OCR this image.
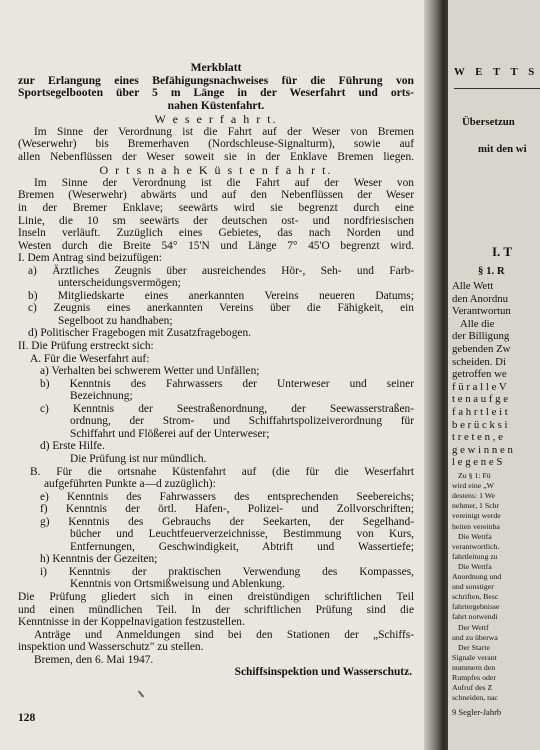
Merkblatt
zur Erlangung eines Befähigungsnachweises für die Führung von
Sportsegelbooten über 5 m Länge in der Weserfahrt und orts-
nahen Küstenfahrt.
W e s e r f a h r t.
Im Sinne der Verordnung ist die Fahrt auf der Weser von Bremen
(Weserwehr) bis Bremerhaven (Nordschleuse-Signalturm), sowie auf
allen Nebenflüssen der Weser soweit sie in der Enklave Bremen liegen.
O r t s n a h e K ü s t e n f a h r t.
Im Sinne der Verordnung ist die Fahrt auf der Weser von
Bremen (Weserwehr) abwärts und auf den Nebenflüssen der Weser
in der Bremer Enklave; seewärts wird sie begrenzt durch eine
Linie, die 10 sm seewärts der deutschen ost- und nordfriesischen
Inseln verläuft. Zuzüglich eines Gebietes, das nach Norden und
Westen durch die Breite 54° 15'N und Länge 7° 45'O begrenzt wird.
I. Dem Antrag sind beizufügen:
a) Ärztliches Zeugnis über ausreichendes Hör-, Seh- und Farb-
unterscheidungsvermögen;
b) Mitgliedskarte eines anerkannten Vereins neueren Datums;
c) Zeugnis eines anerkannten Vereins über die Fähigkeit, ein
Segelboot zu handhaben;
d) Politischer Fragebogen mit Zusatzfragebogen.
II. Die Prüfung erstreckt sich:
A. Für die Weserfahrt auf:
a) Verhalten bei schwerem Wetter und Unfällen;
b) Kenntnis des Fahrwassers der Unterweser und seiner
Bezeichnung;
c) Kenntnis der Seestraßenordnung, der Seewasserstraßen-
ordnung, der Strom- und Schiffahrtspolizeiverordnung für
Schiffahrt und Flößerei auf der Unterweser;
d) Erste Hilfe.
Die Prüfung ist nur mündlich.
B. Für die ortsnahe Küstenfahrt auf (die für die Weserfahrt
aufgeführten Punkte a—d zuzüglich):
e) Kenntnis des Fahrwassers des entsprechenden Seebereichs;
f) Kenntnis der örtl. Hafen-, Polizei- und Zollvorschriften;
g) Kenntnis des Gebrauchs der Seekarten, der Segelhand-
bücher und Leuchtfeuerverzeichnisse, Bestimmung von Kurs,
Entfernungen, Geschwindigkeit, Abtrift und Wassertiefe;
h) Kenntnis der Gezeiten;
i) Kenntnis der praktischen Verwendung des Kompasses,
Kenntnis von Ortsmißweisung und Ablenkung.
Die Prüfung gliedert sich in einen dreistündigen schriftlichen Teil
und einen mündlichen Teil. In der schriftlichen Prüfung sind die
Kenntnisse in der Koppelnavigation festzustellen.
Anträge und Anmeldungen sind bei den Stationen der „Schiffs-
inspektion und Wasserschutz" zu stellen.
Bremen, den 6. Mai 1947.
Schiffsinspektion und Wasserschutz.
128
W E T T S
Übersetzun
mit den wi
I. T
§ 1. R
Alle Wett
den Anordnu
Verantwortun
Alle die
der Billigung
gebenden Zw
scheiden. Di
getroffen we
f ü r a l l e V
t e n a u f g e
f a h r t l e i t
b e r ü c k s i
t r e t e n , e
g e w i n n e n
l e g e n e S
Zu § 1: Fü
wird eine „W
destens: 1 We
nehmer, 1 Schr
vereinigt werde
heiten vereinba
Die Wettfa
verantwortlich.
fahrtleitung zu
Die Wettfa
Anordnung und
und sonstiger
schriften, Besc
fahrtergebnisse
fahrt notwendi
Der Wettf
und zu überwa
Der Starte
Signale verant
nummern den
Rumpfes oder
Aufruf des Z
schneiden, nac
9 Segler-Jahrb
